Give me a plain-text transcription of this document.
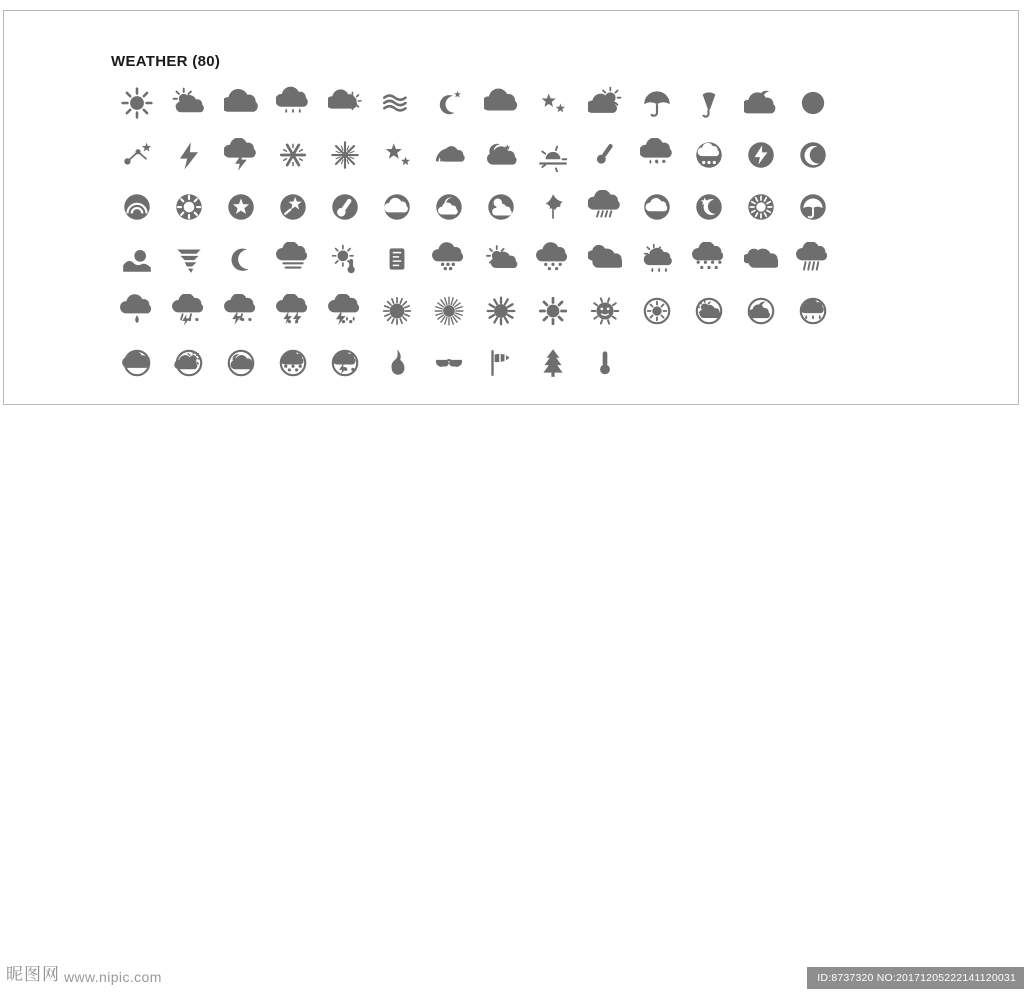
WEATHER (80)
昵图网 www.nipic.com	ID:8737320 NO:20171205222141120031
